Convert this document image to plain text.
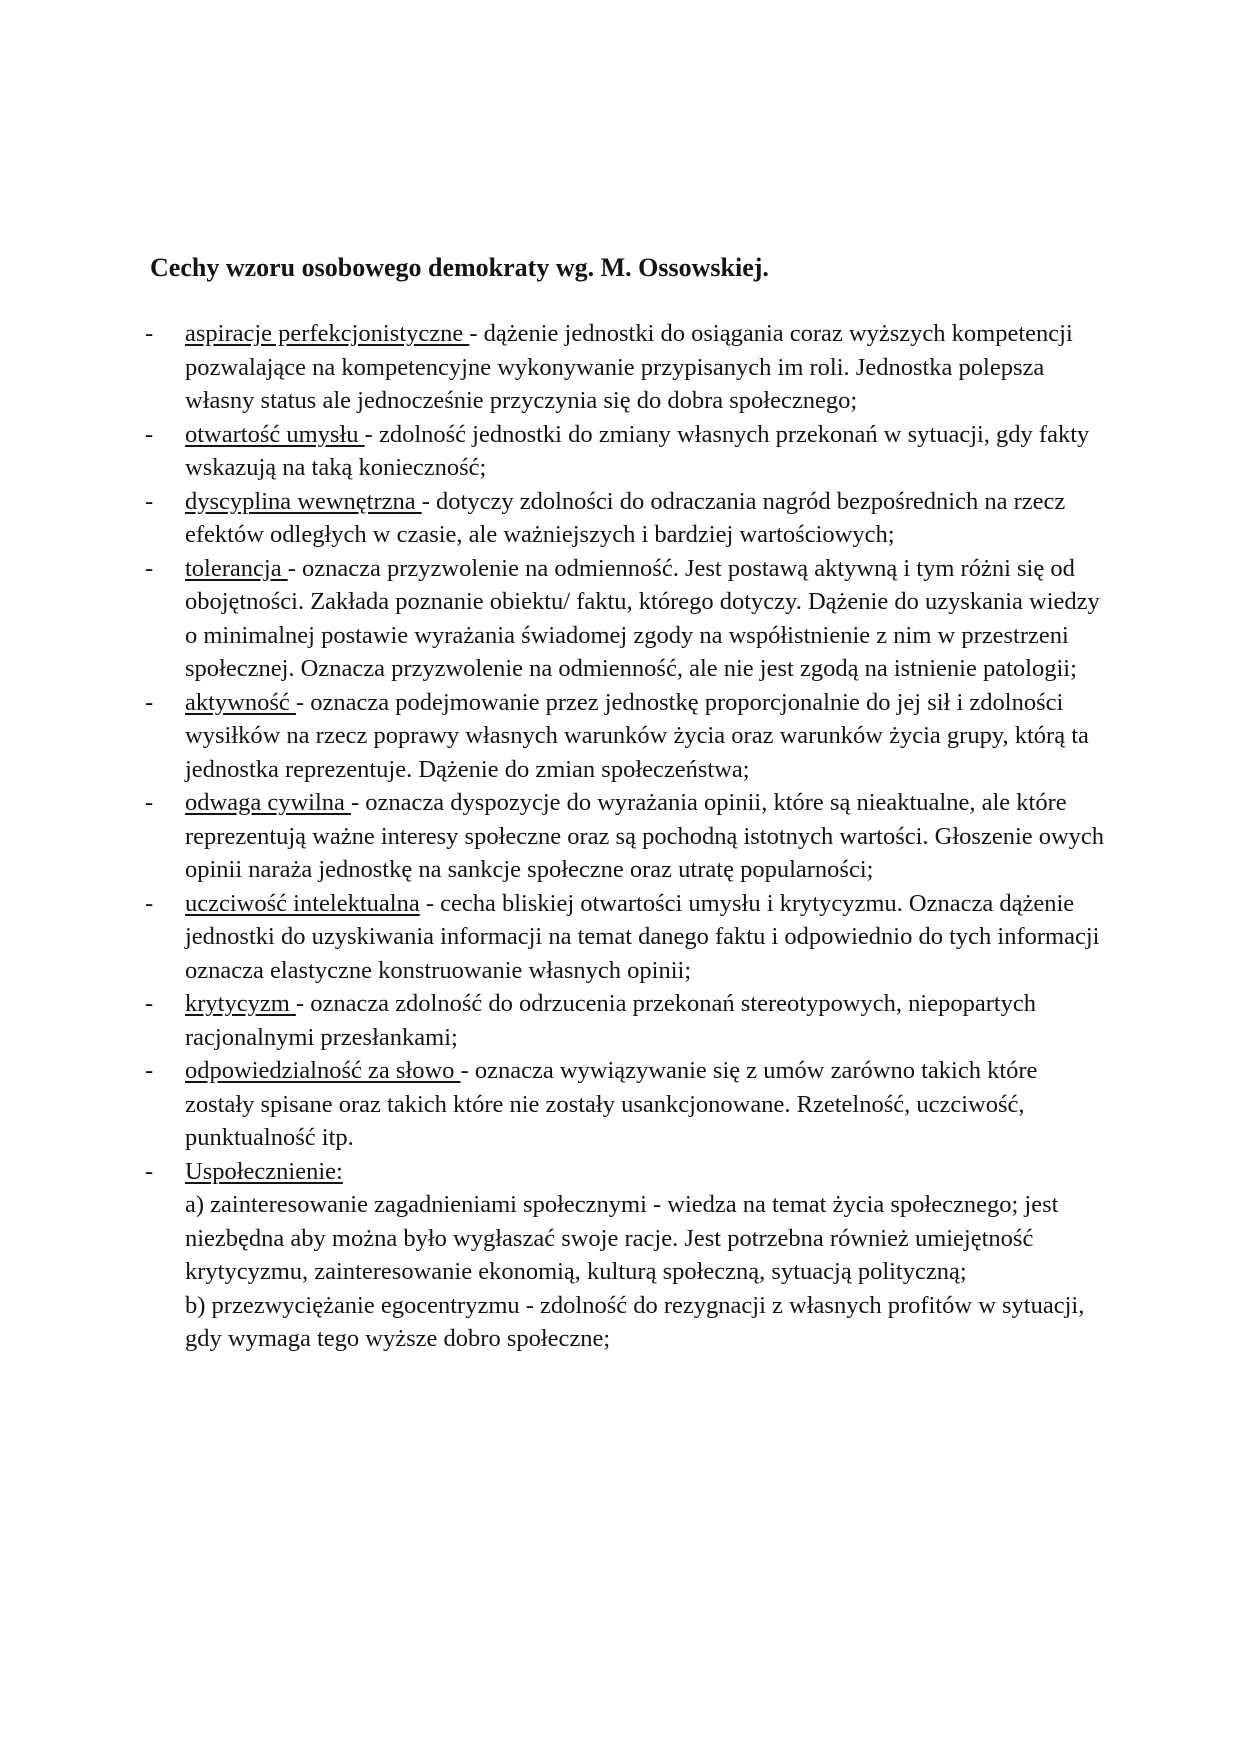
Cechy wzoru osobowego demokraty wg. M. Ossowskiej.
- aspiracje perfekcjonistyczne - dążenie jednostki do osiągania coraz wyższych kompetencji pozwalające na kompetencyjne wykonywanie przypisanych im roli. Jednostka polepsza własny status ale jednocześnie przyczynia się do dobra społecznego;
- otwartość umysłu - zdolność jednostki do zmiany własnych przekonań w sytuacji, gdy fakty wskazują na taką konieczność;
- dyscyplina wewnętrzna - dotyczy zdolności do odraczania nagród bezpośrednich na rzecz efektów odległych w czasie, ale ważniejszych i bardziej wartościowych;
- tolerancja - oznacza przyzwolenie na odmienność. Jest postawą aktywną i tym różni się od obojętności. Zakłada poznanie obiektu/ faktu, którego dotyczy. Dążenie do uzyskania wiedzy o minimalnej postawie wyrażania świadomej zgody na współistnienie z nim w przestrzeni społecznej. Oznacza przyzwolenie na odmienność, ale nie jest zgodą na istnienie patologii;
- aktywność - oznacza podejmowanie przez jednostkę proporcjonalnie do jej sił i zdolności wysiłków na rzecz poprawy własnych warunków życia oraz warunków życia grupy, którą ta jednostka reprezentuje. Dążenie do zmian społeczeństwa;
- odwaga cywilna - oznacza dyspozycje do wyrażania opinii, które są nieaktualne, ale które reprezentują ważne interesy społeczne oraz są pochodną istotnych wartości. Głoszenie owych opinii naraża jednostkę na sankcje społeczne oraz utratę popularności;
- uczciwość intelektualna - cecha bliskiej otwartości umysłu i krytycyzmu. Oznacza dążenie jednostki do uzyskiwania informacji na temat danego faktu i odpowiednio do tych informacji oznacza elastyczne konstruowanie własnych opinii;
- krytycyzm - oznacza zdolność do odrzucenia przekonań stereotypowych, niepopartych racjonalnymi przesłankami;
- odpowiedzialność za słowo - oznacza wywiązywanie się z umów zarówno takich które zostały spisane oraz takich które nie zostały usankcjonowane. Rzetelność, uczciwość, punktualność itp.
- Uspołecznienie:
a) zainteresowanie zagadnieniami społecznymi - wiedza na temat życia społecznego; jest niezbędna aby można było wygłaszać swoje racje. Jest potrzebna również umiejętność krytycyzmu, zainteresowanie ekonomią, kulturą społeczną, sytuacją polityczną;
b) przezwyciężanie egocentryzmu - zdolność do rezygnacji z własnych profitów w sytuacji, gdy wymaga tego wyższe dobro społeczne;
